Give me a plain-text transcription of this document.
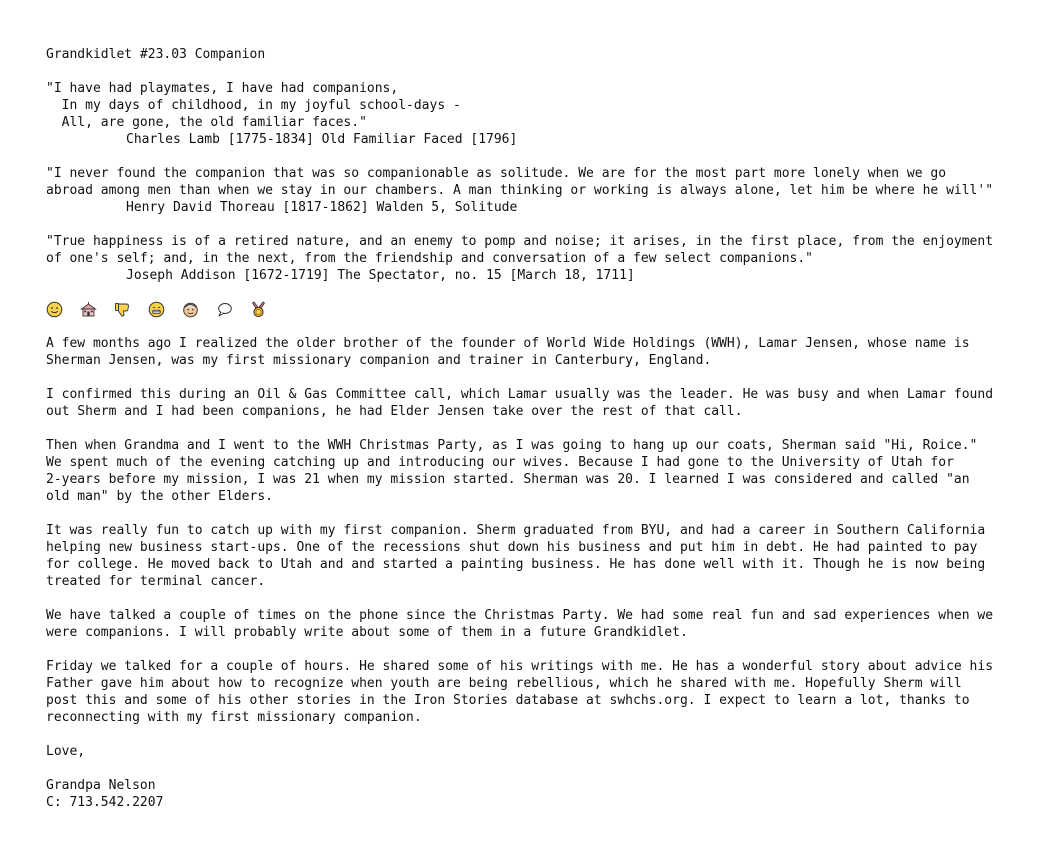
Grandkidlet #23.03 Companion
"I have had playmates, I have had companions,
In my days of childhood, in my joyful school-days -
All, are gone, the old familiar faces."
Charles Lamb [1775-1834] Old Familiar Faced [1796]
"I never found the companion that was so companionable as solitude. We are for the most part more lonely when we go
abroad among men than when we stay in our chambers. A man thinking or working is always alone, let him be where he will'"
Henry David Thoreau [1817-1862] Walden 5, Solitude
"True happiness is of a retired nature, and an enemy to pomp and noise; it arises, in the first place, from the enjoyment
of one's self; and, in the next, from the friendship and conversation of a few select companions."
Joseph Addison [1672-1719] The Spectator, no. 15 [March 18, 1711]
A few months ago I realized the older brother of the founder of World Wide Holdings (WWH), Lamar Jensen, whose name is
Sherman Jensen, was my first missionary companion and trainer in Canterbury, England.
I confirmed this during an Oil & Gas Committee call, which Lamar usually was the leader. He was busy and when Lamar found
out Sherm and I had been companions, he had Elder Jensen take over the rest of that call.
Then when Grandma and I went to the WWH Christmas Party, as I was going to hang up our coats, Sherman said "Hi, Roice."
We spent much of the evening catching up and introducing our wives. Because I had gone to the University of Utah for
2-years before my mission, I was 21 when my mission started. Sherman was 20. I learned I was considered and called "an
old man" by the other Elders.
It was really fun to catch up with my first companion. Sherm graduated from BYU, and had a career in Southern California
helping new business start-ups. One of the recessions shut down his business and put him in debt. He had painted to pay
for college. He moved back to Utah and and started a painting business. He has done well with it. Though he is now being
treated for terminal cancer.
We have talked a couple of times on the phone since the Christmas Party. We had some real fun and sad experiences when we
were companions. I will probably write about some of them in a future Grandkidlet.
Friday we talked for a couple of hours. He shared some of his writings with me. He has a wonderful story about advice his
Father gave him about how to recognize when youth are being rebellious, which he shared with me. Hopefully Sherm will
post this and some of his other stories in the Iron Stories database at swhchs.org. I expect to learn a lot, thanks to
reconnecting with my first missionary companion.
Love,
Grandpa Nelson
C: 713.542.2207
